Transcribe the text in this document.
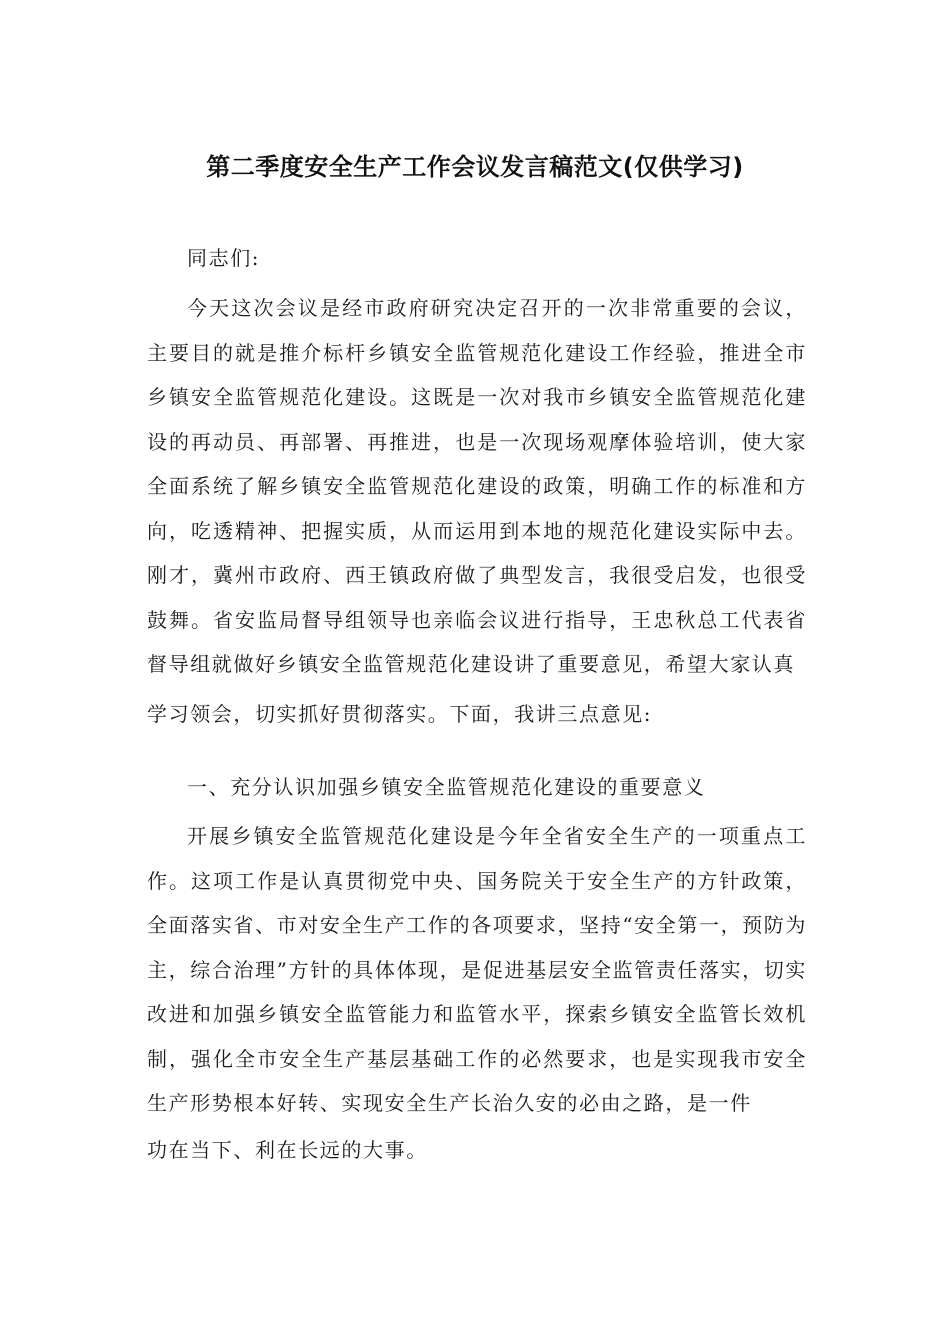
第二季度安全生产工作会议发言稿范文(仅供学习)

同志们:

今天这次会议是经市政府研究决定召开的一次非常重要的会议，主要目的就是推介标杆乡镇安全监管规范化建设工作经验，推进全市乡镇安全监管规范化建设。这既是一次对我市乡镇安全监管规范化建设的再动员、再部署、再推进，也是一次现场观摩体验培训，使大家全面系统了解乡镇安全监管规范化建设的政策，明确工作的标准和方向，吃透精神、把握实质，从而运用到本地的规范化建设实际中去。刚才，冀州市政府、西王镇政府做了典型发言，我很受启发，也很受鼓舞。省安监局督导组领导也亲临会议进行指导，王忠秋总工代表省督导组就做好乡镇安全监管规范化建设讲了重要意见，希望大家认真

学习领会，切实抓好贯彻落实。下面，我讲三点意见:

一、充分认识加强乡镇安全监管规范化建设的重要意义

开展乡镇安全监管规范化建设是今年全省安全生产的一项重点工作。这项工作是认真贯彻党中央、国务院关于安全生产的方针政策，全面落实省、市对安全生产工作的各项要求，坚持“安全第一，预防为主，综合治理”方针的具体体现，是促进基层安全监管责任落实，切实改进和加强乡镇安全监管能力和监管水平，探索乡镇安全监管长效机制，强化全市安全生产基层基础工作的必然要求，也是实现我市安全生产形势根本好转、实现安全生产长治久安的必由之路，是一件

功在当下、利在长远的大事。
